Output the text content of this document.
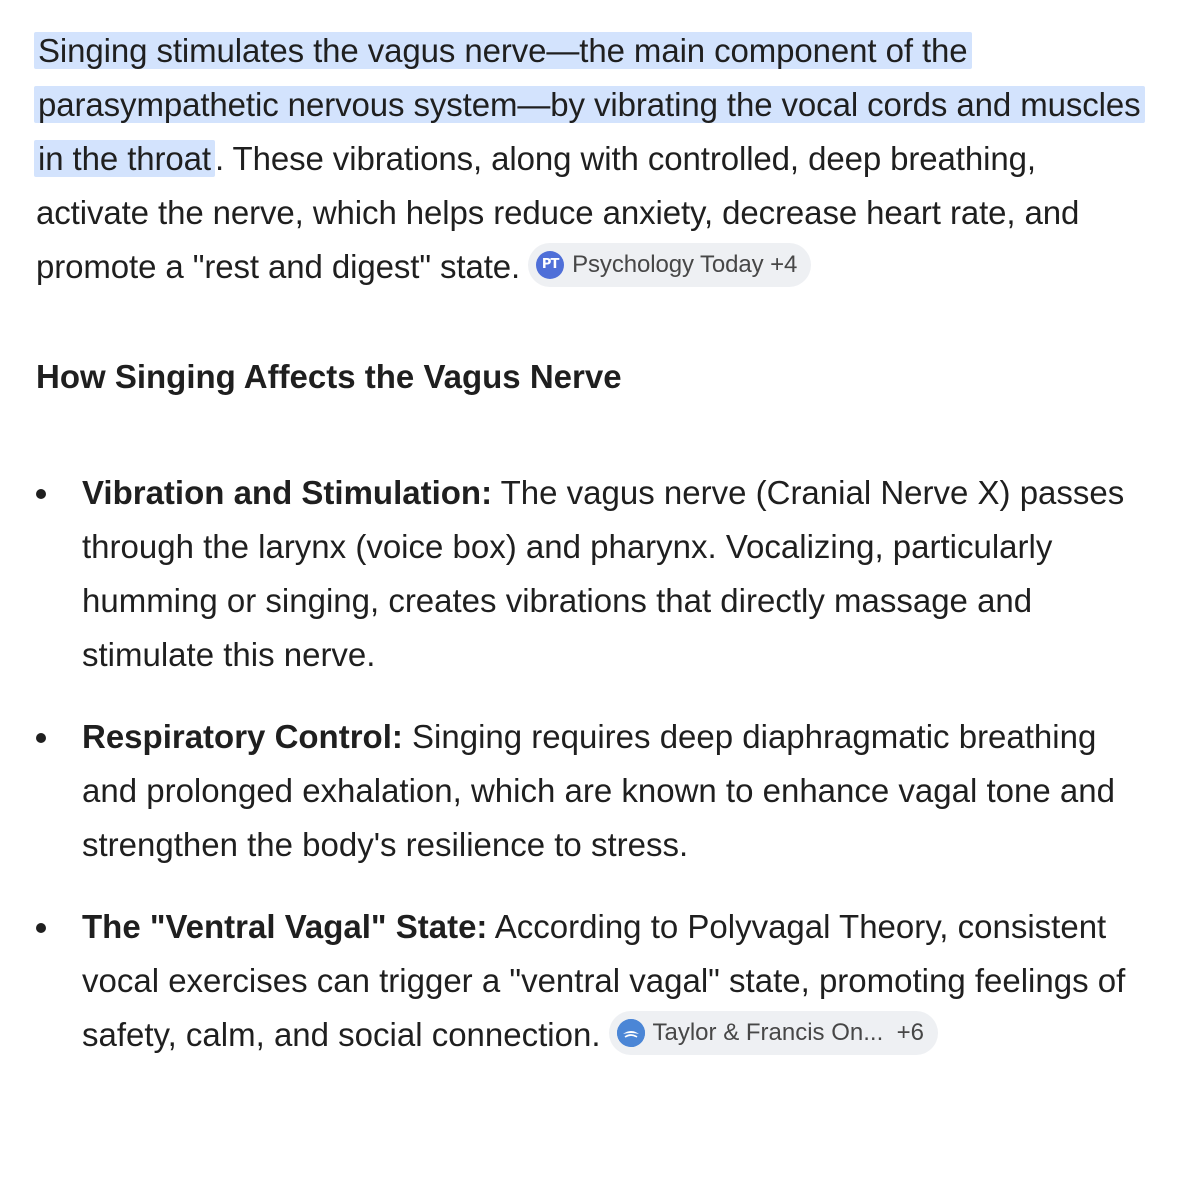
Singing stimulates the vagus nerve—the main component of the parasympathetic nervous system—by vibrating the vocal cords and muscles in the throat . These vibrations, along with controlled, deep breathing, activate the nerve, which helps reduce anxiety, decrease heart rate, and promote a "rest and digest" state.	PT Psychology Today
+4

How Singing Affects the Vagus Nerve
Vibration and Stimulation: The vagus nerve (Cranial Nerve X) passes through the larynx (voice box) and pharynx. Vocalizing, particularly humming or singing, creates vibrations that directly massage and stimulate this nerve.
Respiratory Control: Singing requires deep diaphragmatic breathing and prolonged exhalation, which are known to enhance vagal tone and strengthen the body's resilience to stress.
The "Ventral Vagal" State: According to Polyvagal Theory, consistent vocal exercises can trigger a "ventral vagal" state, promoting feelings of safety, calm, and social connection. Taylor & Francis On...
+6
